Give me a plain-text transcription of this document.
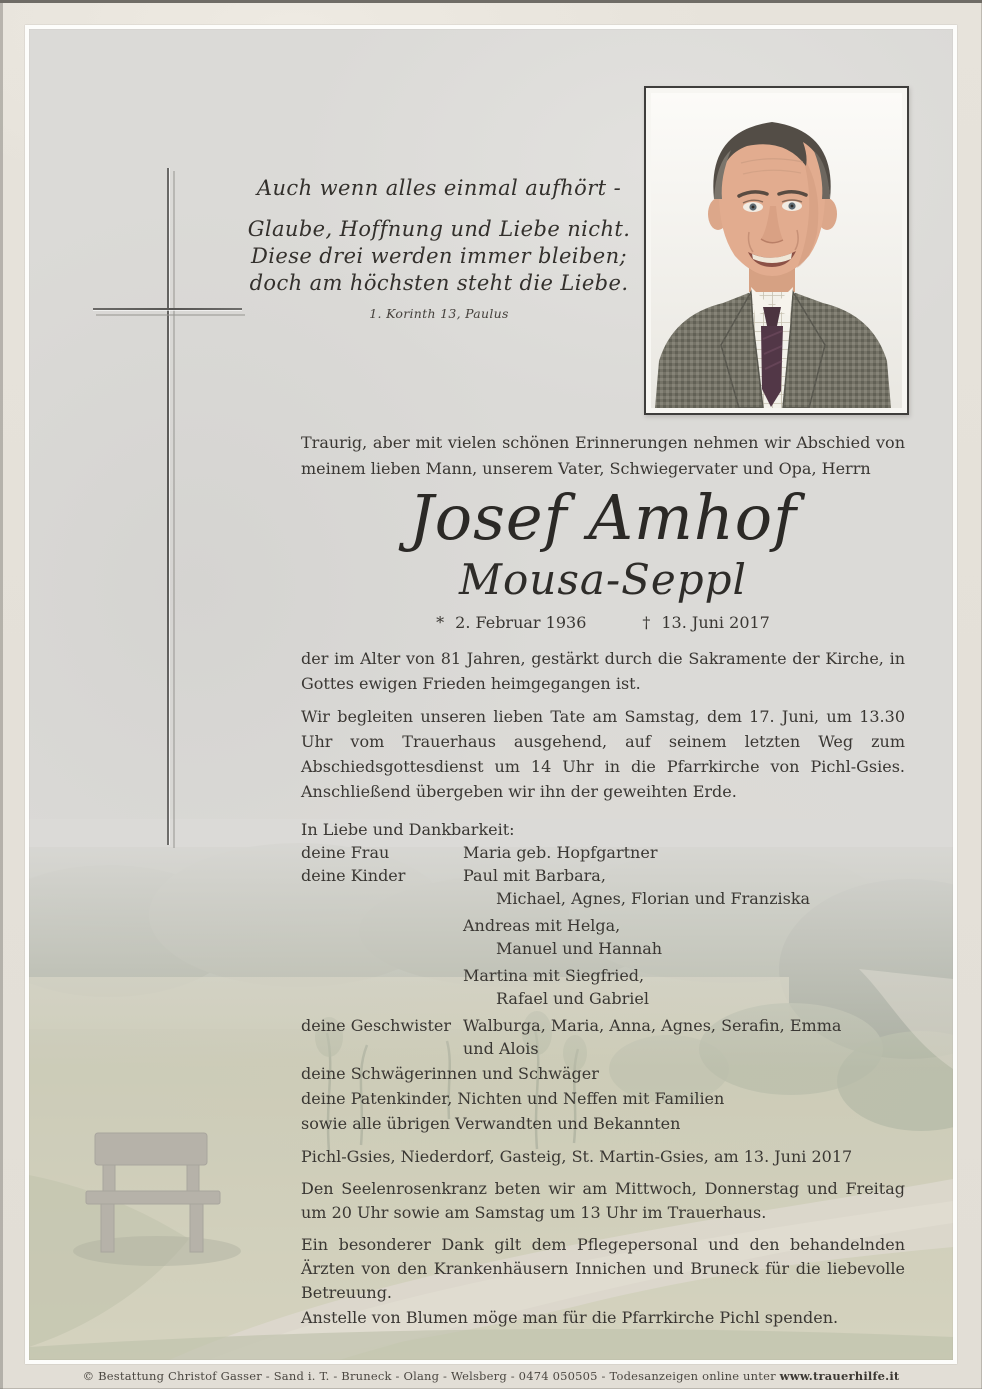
Auch wenn alles einmal aufhört -

Glaube, Hoffnung und Liebe nicht.

Diese drei werden immer bleiben;

doch am höchsten steht die Liebe.

1. Korinth 13, Paulus

Traurig, aber mit vielen schönen Erinnerungen nehmen wir Abschied von meinem lieben Mann, unserem Vater, Schwiegervater und Opa, Herrn

Josef Amhof
Mousa-Seppl
* 2. Februar 1936	† 13. Juni 2017

der im Alter von 81 Jahren, gestärkt durch die Sakramente der Kirche, in Gottes ewigen Frieden heimgegangen ist.

Wir begleiten unseren lieben Tate am Samstag, dem 17. Juni, um 13.30 Uhr vom Trauerhaus ausgehend, auf seinem letzten Weg zum Abschiedsgottesdienst um 14 Uhr in die Pfarrkirche von Pichl-Gsies. Anschließend übergeben wir ihn der geweihten Erde.

In Liebe und Dankbarkeit:

deine Frau	Maria geb. Hopfgartner
deine Kinder	Paul mit Barbara,
Michael, Agnes, Florian und Franziska
Andreas mit Helga,
Manuel und Hannah
Martina mit Siegfried,
Rafael und Gabriel
deine Geschwister Walburga, Maria, Anna, Agnes, Serafin, Emma
und Alois
deine Schwägerinnen und Schwäger
deine Patenkinder, Nichten und Neffen mit Familien
sowie alle übrigen Verwandten und Bekannten

Pichl-Gsies, Niederdorf, Gasteig, St. Martin-Gsies, am 13. Juni 2017

Den Seelenrosenkranz beten wir am Mittwoch, Donnerstag und Freitag um 20 Uhr sowie am Samstag um 13 Uhr im Trauerhaus.

Ein besonderer Dank gilt dem Pflegepersonal und den behandelnden Ärzten von den Krankenhäusern Innichen und Bruneck für die liebevolle Betreuung.

Anstelle von Blumen möge man für die Pfarrkirche Pichl spenden.

© Bestattung Christof Gasser - Sand i. T. - Bruneck - Olang - Welsberg - 0474 050505 - Todesanzeigen online unter www.trauerhilfe.it
